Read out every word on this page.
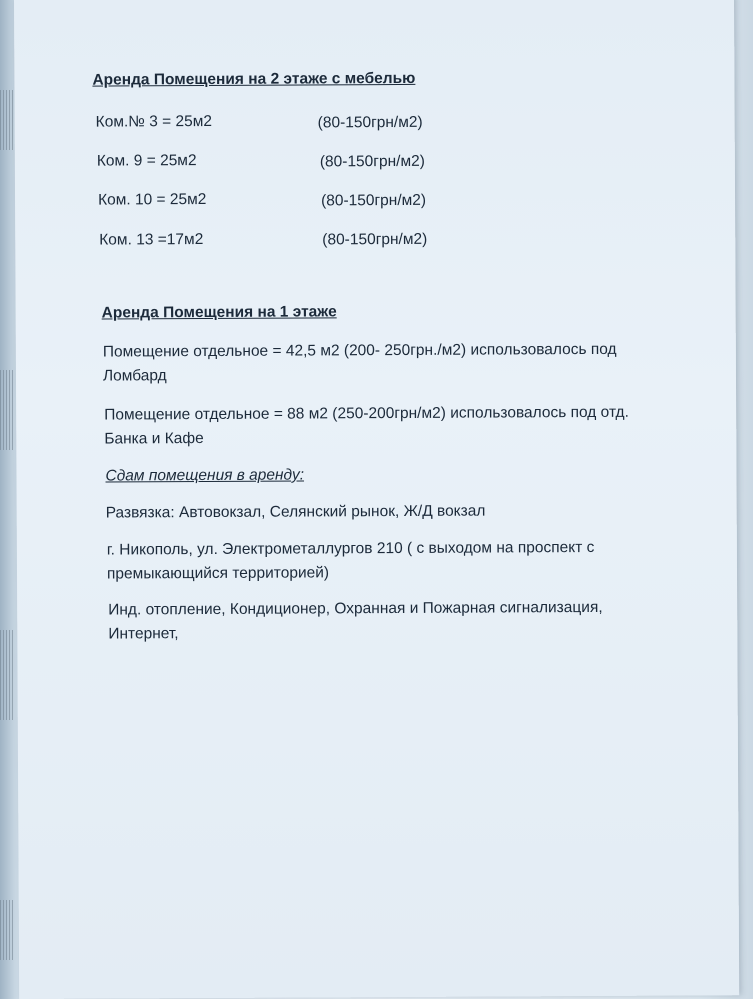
Аренда Помещения на 2 этаже с мебелью
Ком.№ 3 = 25м2	(80-150грн/м2)
Ком. 9 = 25м2	(80-150грн/м2)
Ком. 10 = 25м2	(80-150грн/м2)
Ком. 13 =17м2	(80-150грн/м2)
Аренда Помещения на 1 этаже
Помещение отдельное = 42,5 м2 (200- 250грн./м2) использовалось под
Ломбард
Помещение отдельное = 88 м2 (250-200грн/м2) использовалось под отд.
Банка и Кафе
Сдам помещения в аренду:
Развязка: Автовокзал, Селянский рынок, Ж/Д вокзал
г. Никополь, ул. Электрометаллургов 210 ( с выходом на проспект с
премыкающийся территорией)
Инд. отопление, Кондиционер, Охранная и Пожарная сигнализация,
Интернет,
